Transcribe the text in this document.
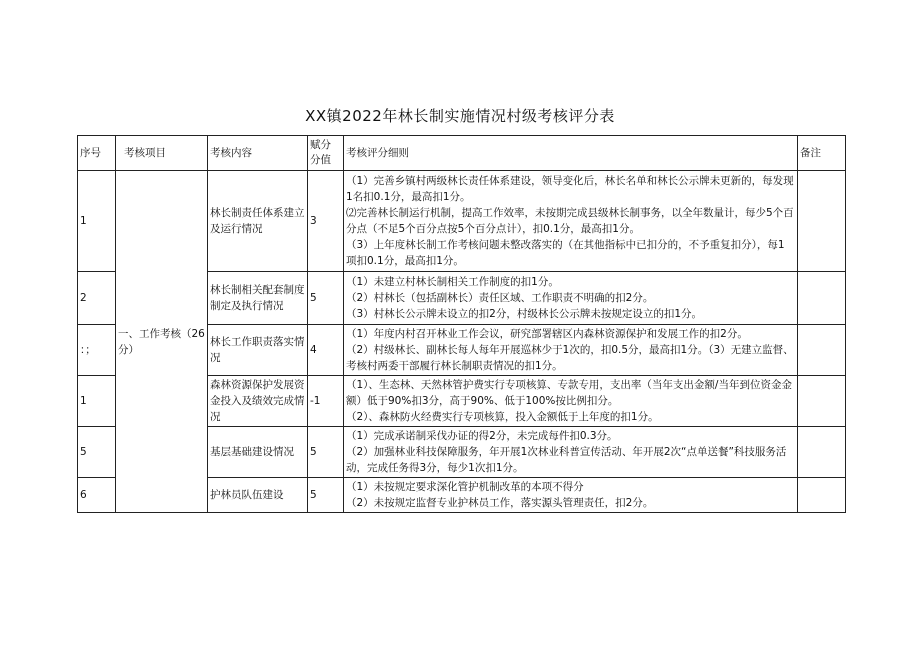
XX镇2022年林长制实施情况村级考核评分表
序号	考核项目	考核内容	赋分分值	考核评分细则	备注
1	一、工作考核（26分）	林长制责任体系建立及运行情况	3	（1）完善乡镇村两级林长责任体系建设，领导变化后，林长名单和林长公示牌未更新的，每发现1名扣0.1分，最高扣1分。
⑵完善林长制运行机制，提高工作效率，未按期完成县级林长制事务，以全年数量计，每少5个百分点（不足5个百分点按5个百分点计），扣0.1分，最高扣1分。
（3）上年度林长制工作考核问题未整改落实的（在其他指标中已扣分的，不予重复扣分），每1项扣0.1分，最高扣1分。	

2		林长制相关配套制度制定及执行情况	5	（1）未建立村林长制相关工作制度的扣1分。
（2）村林长（包括副林长）责任区域、工作职责不明确的扣2分。
（3）村林长公示牌未设立的扣2分，村级林长公示牌未按规定设立的扣1分。	

：；		林长工作职责落实情况	4	（1）年度内村召开林业工作会议，研究部署辖区内森林资源保护和发展工作的扣2分。
（2）村级林长、副林长每人每年开展巡林少于1次的，扣0.5分，最高扣1分。（3）无建立监督、考核村两委干部履行林长制职责情况的扣1分。	

1		森林资源保护发展资金投入及绩效完成情况	-1	（1）、生态林、天然林管护费实行专项核算、专款专用，支出率（当年支出金额/当年到位资金金额）低于90%扣3分，高于90%、低于100%按比例扣分。
（2）、森林防火经费实行专项核算，投入金额低于上年度的扣1分。	

5		基层基础建设情况	5	（1）完成承诺制采伐办证的得2分，未完成每件扣0.3分。
（2）加强林业科技保障服务，年开展1次林业科普宣传活动、年开展2次“点单送餐”科技服务活动，完成任务得3分，每少1次扣1分。	

6		护林员队伍建设	5	（1）未按规定要求深化管护机制改革的本项不得分
（2）未按规定监督专业护林员工作，落实源头管理责任，扣2分。	
